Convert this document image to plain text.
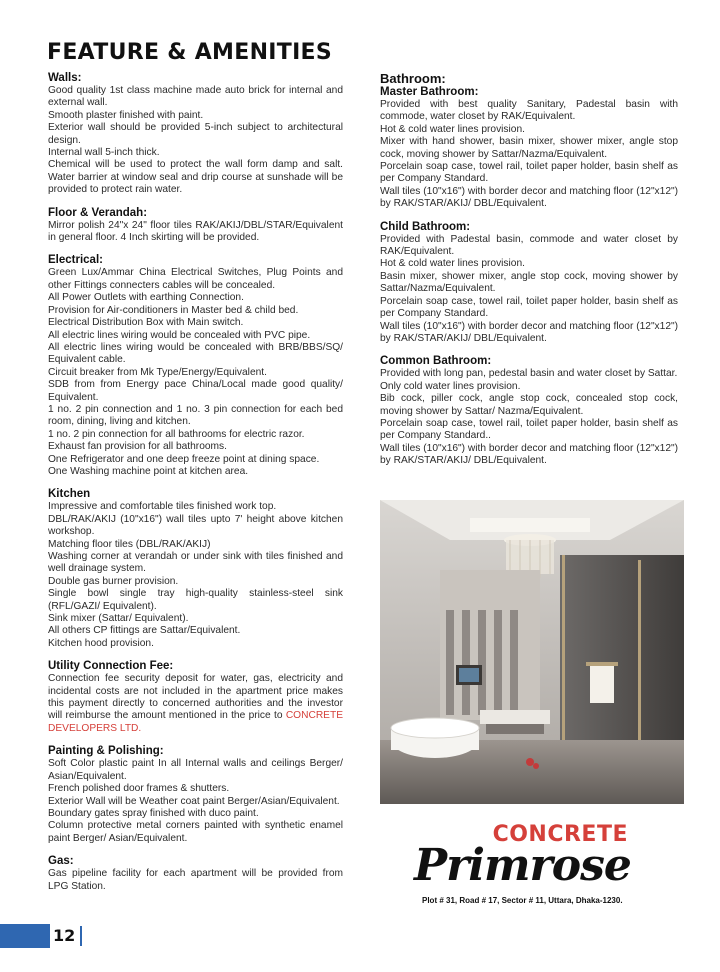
FEATURE & AMENITIES
Walls:

Good quality 1st class machine made auto brick for internal and external wall.

Smooth plaster finished with paint.

Exterior wall should be provided 5-inch subject to architectural design.

Internal wall 5-inch thick.

Chemical will be used to protect the wall form damp and salt. Water barrier at window seal and drip course at sunshade will be provided to protect rain water.

Floor & Verandah:

Mirror polish 24"x 24" floor tiles RAK/AKIJ/DBL/STAR/Equivalent in general floor. 4 Inch skirting will be provided.

Electrical:

Green Lux/Ammar China Electrical Switches, Plug Points and other Fittings connecters cables will be concealed.

All Power Outlets with earthing Connection.

Provision for Air-conditioners in Master bed & child bed.

Electrical Distribution Box with Main switch.

All electric lines wiring would be concealed with PVC pipe.

All electric lines wiring would be concealed with BRB/BBS/SQ/ Equivalent cable.

Circuit breaker from Mk Type/Energy/Equivalent.

SDB from from Energy pace China/Local made good quality/ Equivalent.

1 no. 2 pin connection and 1 no. 3 pin connection for each bed room, dining, living and kitchen.

1 no. 2 pin connection for all bathrooms for electric razor.

Exhaust fan provision for all bathrooms.

One Refrigerator and one deep freeze point at dining space.

One Washing machine point at kitchen area.

Kitchen

Impressive and comfortable tiles finished work top.

DBL/RAK/AKIJ (10"x16") wall tiles upto 7' height above kitchen workshop.

Matching floor tiles (DBL/RAK/AKIJ)

Washing corner at verandah or under sink with tiles finished and well drainage system.

Double gas burner provision.

Single bowl single tray high-quality stainless-steel sink (RFL/GAZI/ Equivalent).

Sink mixer (Sattar/ Equivalent).

All others CP fittings are Sattar/Equivalent.

Kitchen hood provision.

Utility Connection Fee:

Connection fee security deposit for water, gas, electricity and incidental costs are not included in the apartment price makes this payment directly to concerned authorities and the investor will reimburse the amount mentioned in the price to CONCRETE DEVELOPERS LTD.

Painting & Polishing:

Soft Color plastic paint In all Internal walls and ceilings Berger/ Asian/Equivalent.

French polished door frames & shutters.

Exterior Wall will be Weather coat paint Berger/Asian/Equivalent.

Boundary gates spray finished with duco paint.

Column protective metal corners painted with synthetic enamel paint Berger/ Asian/Equivalent.

Gas:

Gas pipeline facility for each apartment will be provided from LPG Station.

Bathroom:
Master Bathroom:

Provided with best quality Sanitary, Padestal basin with commode, water closet by RAK/Equivalent.

Hot & cold water lines provision.

Mixer with hand shower, basin mixer, shower mixer, angle stop cock, moving shower by Sattar/Nazma/Equivalent.

Porcelain soap case, towel rail, toilet paper holder, basin shelf as per Company Standard.

Wall tiles (10"x16") with border decor and matching floor (12"x12") by RAK/STAR/AKIJ/ DBL/Equivalent.

Child Bathroom:

Provided with Padestal basin, commode and water closet by RAK/Equivalent.

Hot & cold water lines provision.

Basin mixer, shower mixer, angle stop cock, moving shower by Sattar/Nazma/Equivalent.

Porcelain soap case, towel rail, toilet paper holder, basin shelf as per Company Standard.

Wall tiles (10"x16") with border decor and matching floor (12"x12") by RAK/STAR/AKIJ/ DBL/Equivalent.

Common Bathroom:

Provided with long pan, pedestal basin and water closet by Sattar.

Only cold water lines provision.

Bib cock, piller cock, angle stop cock, concealed stop cock, moving shower by Sattar/ Nazma/Equivalent.

Porcelain soap case, towel rail, toilet paper holder, basin shelf as per Company Standard..

Wall tiles (10"x16") with border decor and matching floor (12"x12") by RAK/STAR/AKIJ/ DBL/Equivalent.

CONCRETE
Primrose
Plot # 31, Road # 17, Sector # 11, Uttara, Dhaka-1230.
12
